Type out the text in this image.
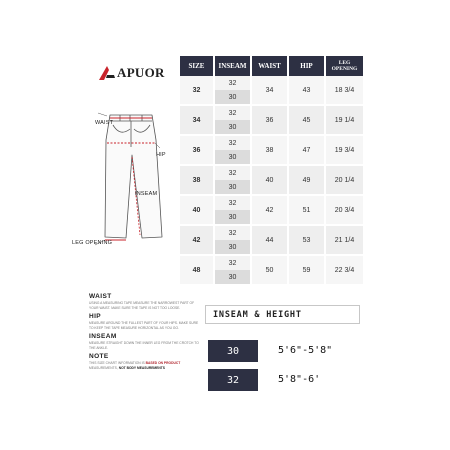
APUOR
WAIST
HIP
INSEAM
LEG OPENING
SIZE	INSEAM	WAIST	HIP	LEG OPENING
32	32	34	43	18 3/4
	30			

34	32	36	45	19 1/4
	30			

36	32	38	47	19 3/4
	30			

38	32	40	49	20 1/4
	30			

40	32	42	51	20 3/4
	30			

42	32	44	53	21 1/4
	30			

48	32	50	59	22 3/4
	30			
WAIST
USING A MEASURING TAPE MEASURE THE NARROWEST PART OF YOUR WAIST. MAKE SURE THE TAPE IS NOT TOO LOOSE.
HIP
MEASURE AROUND THE FULLEST PART OF YOUR HIPS. MAKE SURE TO KEEP THE TAPE MEASURE HORIZONTAL AS YOU GO.
INSEAM
MEASURE STRAIGHT DOWN THE INNER LEG FROM THE CROTCH TO THE ANKLE.
NOTE
THIS SIZE CHART INFORMATION IS BASED ON PRODUCT MEASUREMENTS, NOT BODY MEASUREMENTS
INSEAM & HEIGHT
30	5'6"-5'8"
32	5'8"-6'
